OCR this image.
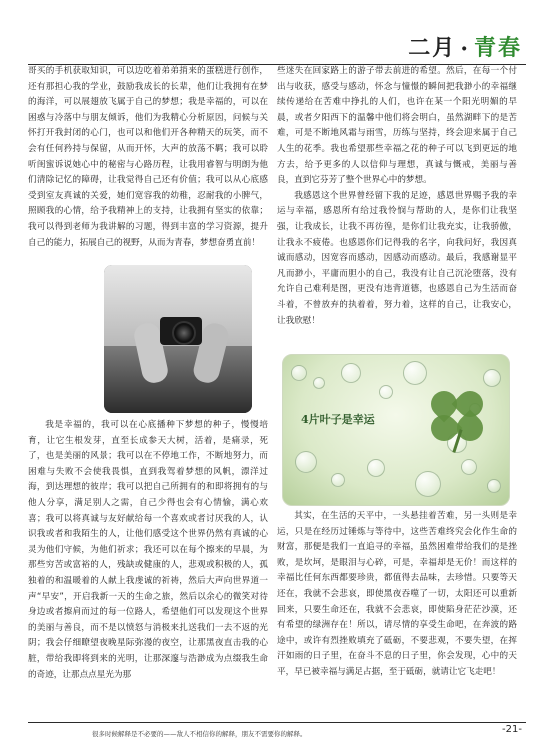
二月 · 青春

哥买的手机获取知识，可以边吃着弟弟捎来的蛋糕进行创作，还有那担心我的学业，鼓励我成长的长辈，他们让我拥有在梦的海洋，可以展翅放飞属于自己的梦想；我是幸福的，可以在困惑与冷落中与朋友倾诉，他们为我精心分析原因，问候与关怀打开我封闭的心门，也可以和他们开各种精天的玩笑，而不会有任何矜持与保留，从而开怀，大声的放荡不羁；我可以聆听闺蜜诉说她心中的秘密与心路历程，让我用睿智与明朗为他们清除记忆的障碍，让我觉得自己还有价值；我可以从心底感受到室友真诚的关爱，她们宽容我的幼稚，忍耐我的小脾气，照顾我的心情，给予我精神上的支持，让我拥有坚实的依靠；我可以得到老师为我讲解的习题，得到丰富的学习资源，提升自己的能力，拓展自己的视野，从而为青春，梦想奋勇直前！

我是幸福的，我可以在心底播种下梦想的种子，慢慢培育，让它生根发芽，直至长成参天大树，活着，是痛录，死了，也是美丽的风景；我可以在不停地工作，不断地努力，而困难与失败不会使我畏惧，直到我驾着梦想的风帆，漂洋过海，到达理想的彼岸；我可以把自己所拥有的和即将拥有的与他人分享，满足别人之需，自己少得也会有心情愉，满心欢喜；我可以将真诚与友好献给每一个喜欢或者讨厌我的人，认识我或者和我陌生的人，让他们感受这个世界仍然有真诚的心灵为他们守候，为他们祈求；我还可以在每个擦来的早晨，为那些穷苦或富裕的人，残缺或健康的人，悲观或积极的人，孤独着的和温暖着的人献上我虔诚的祈祷，然后大声向世界道一声“早安”，开启我新一天的生命之旅，然后以余心的微笑对待身边或者擦肩而过的每一位路人，希望他们可以发现这个世界的美丽与善良，而不是以愤怒与消极来扎送我们一去不返的光阴；我会仔细瞭望夜晚星际弥漫的夜空，让那黑夜直击我的心脏，带给我即将到来的光明，让那深邃与浩渺成为点缀我生命的奇迹，让那点点星光为那

些迷失在回家路上的游子带去前进的希望。然后，在每一个付出与收获，感受与感动，怀念与憧憬的瞬间把我渺小的幸福继续传递给在苦难中挣扎的人们，也许在某一个阳光明媚的早晨，或者夕阳西下的温馨中他们将会明白，虽然湖畔下的是苦难，可是不断地风霜与雨雪，历练与坚持，终会迎来属于自己人生的花季。我也希望那些幸福之花的种子可以飞到更远的地方去，给予更多的人以信仰与理想，真诚与慨戒，美丽与善良，直到它芬芳了整个世界心中的梦想。

我感恩这个世界曾经留下我的足迹，感恩世界赐予我的幸运与幸福，感恩所有给过我怜悯与帮助的人，是你们让我坚强，让我成长，让我不再彷徨，是你们让我充实，让我骄傲，让我永不疲倦。也感恩你们记得我的名字，向我问好，我因真诚而感动，因宽容而感动，因感动而感动。最后，我感谢显平凡而渺小，平庸而胆小的自己，我没有让自己沉沦堕落，没有允许自己难利是图，更没有违背道德，也感恩自己为生活而奋斗着，不曾放弃的执着着，努力着，这样的自己，让我安心，让我欣慰！

4片叶子是幸运

其实，在生活的天平中，一头悬挂着苦难，另一头则是幸运，只是在经历过锤炼与等待中，这些苦难终究会化作生命的财富，那便是我们一直追寻的幸福，虽然困难带给我们的是挫败，是坎坷，是眼泪与心碎，可是，幸福却是无价！而这样的幸福比任何东西都要珍贵，都值得去品味，去珍惜。只要等天还在，我就不会悲哀，即使黑夜吞噬了一切，太阳还可以重新回来，只要生命还在，我就不会悲哀，即使陷身茫茫沙漠，还有希望的绿洲存在！所以，请尽情的享受生命吧，在奔波的路途中，或许有烈挫败填充了砥砺，不要悲观，不要失望，在挥汗如雨的日子里，在奋斗不息的日子里，你会发现，心中的天平，早已被幸福与满足占据，至于砥砺，就请让它飞走吧！

很多时候解释是不必要的——敌人不相信你的解释，朋友不需要你的解释。	-21-
